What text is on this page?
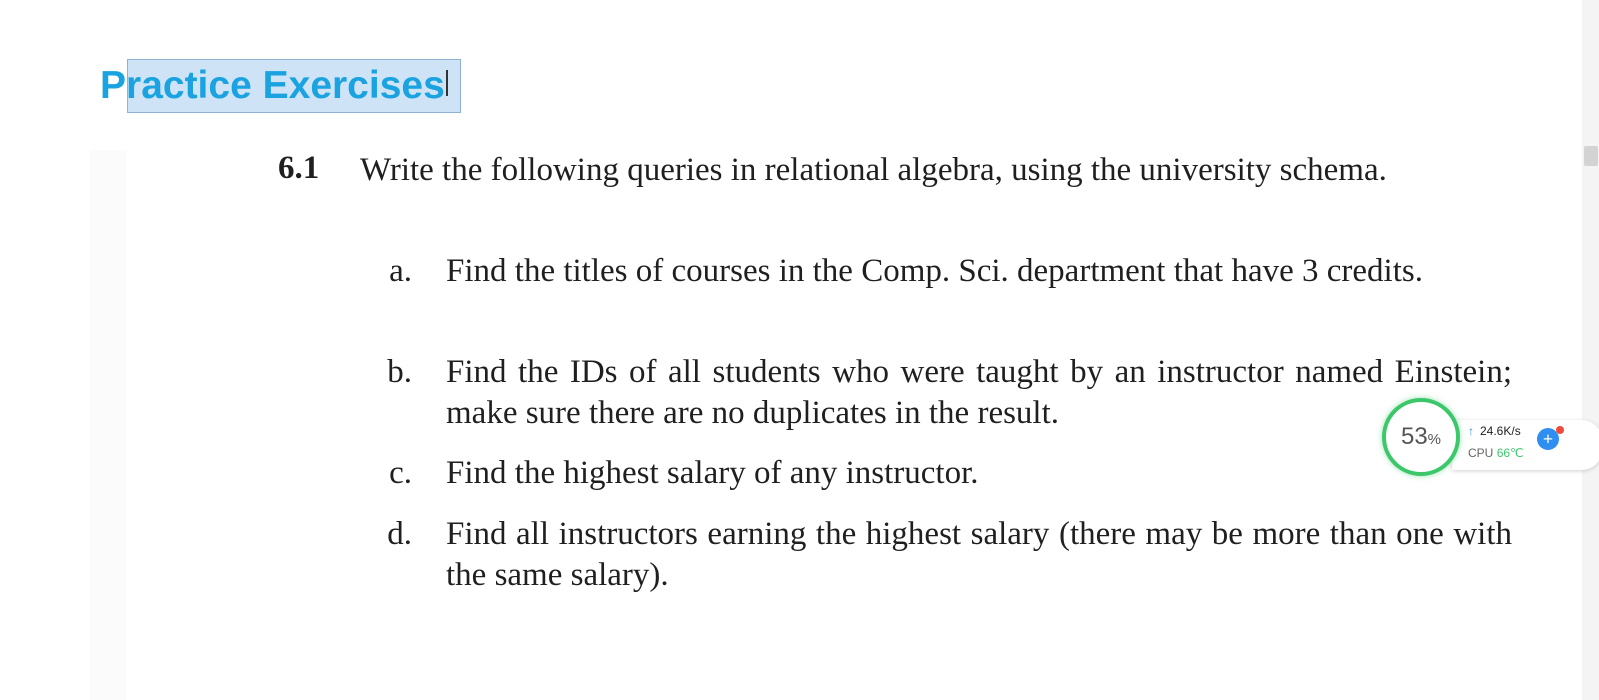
Practice Exercises
6.1 Write the following queries in relational algebra, using the university schema.
a. Find the titles of courses in the Comp. Sci. department that have 3 credits.
b. Find the IDs of all students who were taught by an instructor named Einstein; make sure there are no duplicates in the result.
c. Find the highest salary of any instructor.
d. Find all instructors earning the highest salary (there may be more than one with the same salary).
↑ 24.6K/s
CPU 66℃
53%	+
